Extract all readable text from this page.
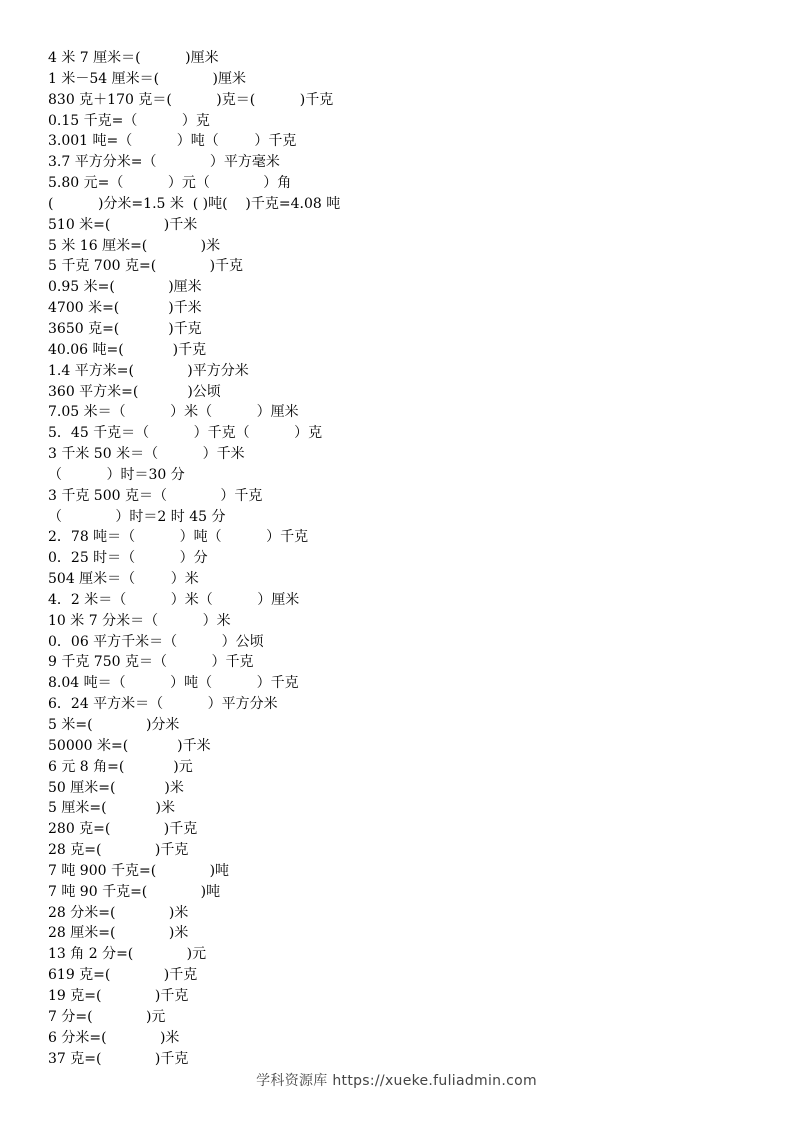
4 米 7 厘米＝(          )厘米
1 米－54 厘米＝(            )厘米
830 克＋170 克＝(          )克＝(          )千克
0.15 千克=（          ）克
3.001 吨=（          ）吨（        ）千克
3.7 平方分米=（            ）平方毫米
5.80 元=（          ）元（            ）角
(          )分米=1.5 米  ( )吨(    )千克=4.08 吨
510 米=(            )千米
5 米 16 厘米=(            )米
5 千克 700 克=(            )千克
0.95 米=(            )厘米
4700 米=(           )千米
3650 克=(           )千克
40.06 吨=(           )千克
1.4 平方米=(            )平方分米
360 平方米=(           )公顷
7.05 米＝（          ）米（          ）厘米
5．45 千克＝（          ）千克（          ）克
3 千米 50 米＝（          ）千米
（          ）时＝30 分
3 千克 500 克＝（            ）千克
（            ）时＝2 时 45 分
2．78 吨＝（          ）吨（          ）千克
0．25 时＝（          ）分
504 厘米＝（        ）米
4．2 米＝（          ）米（          ）厘米
10 米 7 分米＝（          ）米
0．06 平方千米＝（          ）公顷
9 千克 750 克＝（          ）千克
8.04 吨＝（          ）吨（          ）千克
6．24 平方米＝（          ）平方分米
5 米=(            )分米
50000 米=(           )千米
6 元 8 角=(           )元
50 厘米=(           )米
5 厘米=(           )米
280 克=(            )千克
28 克=(            )千克
7 吨 900 千克=(            )吨
7 吨 90 千克=(            )吨
28 分米=(            )米
28 厘米=(            )米
13 角 2 分=(            )元
619 克=(            )千克
19 克=(            )千克
7 分=(            )元
6 分米=(            )米
37 克=(            )千克
学科资源库 https://xueke.fuliadmin.com
